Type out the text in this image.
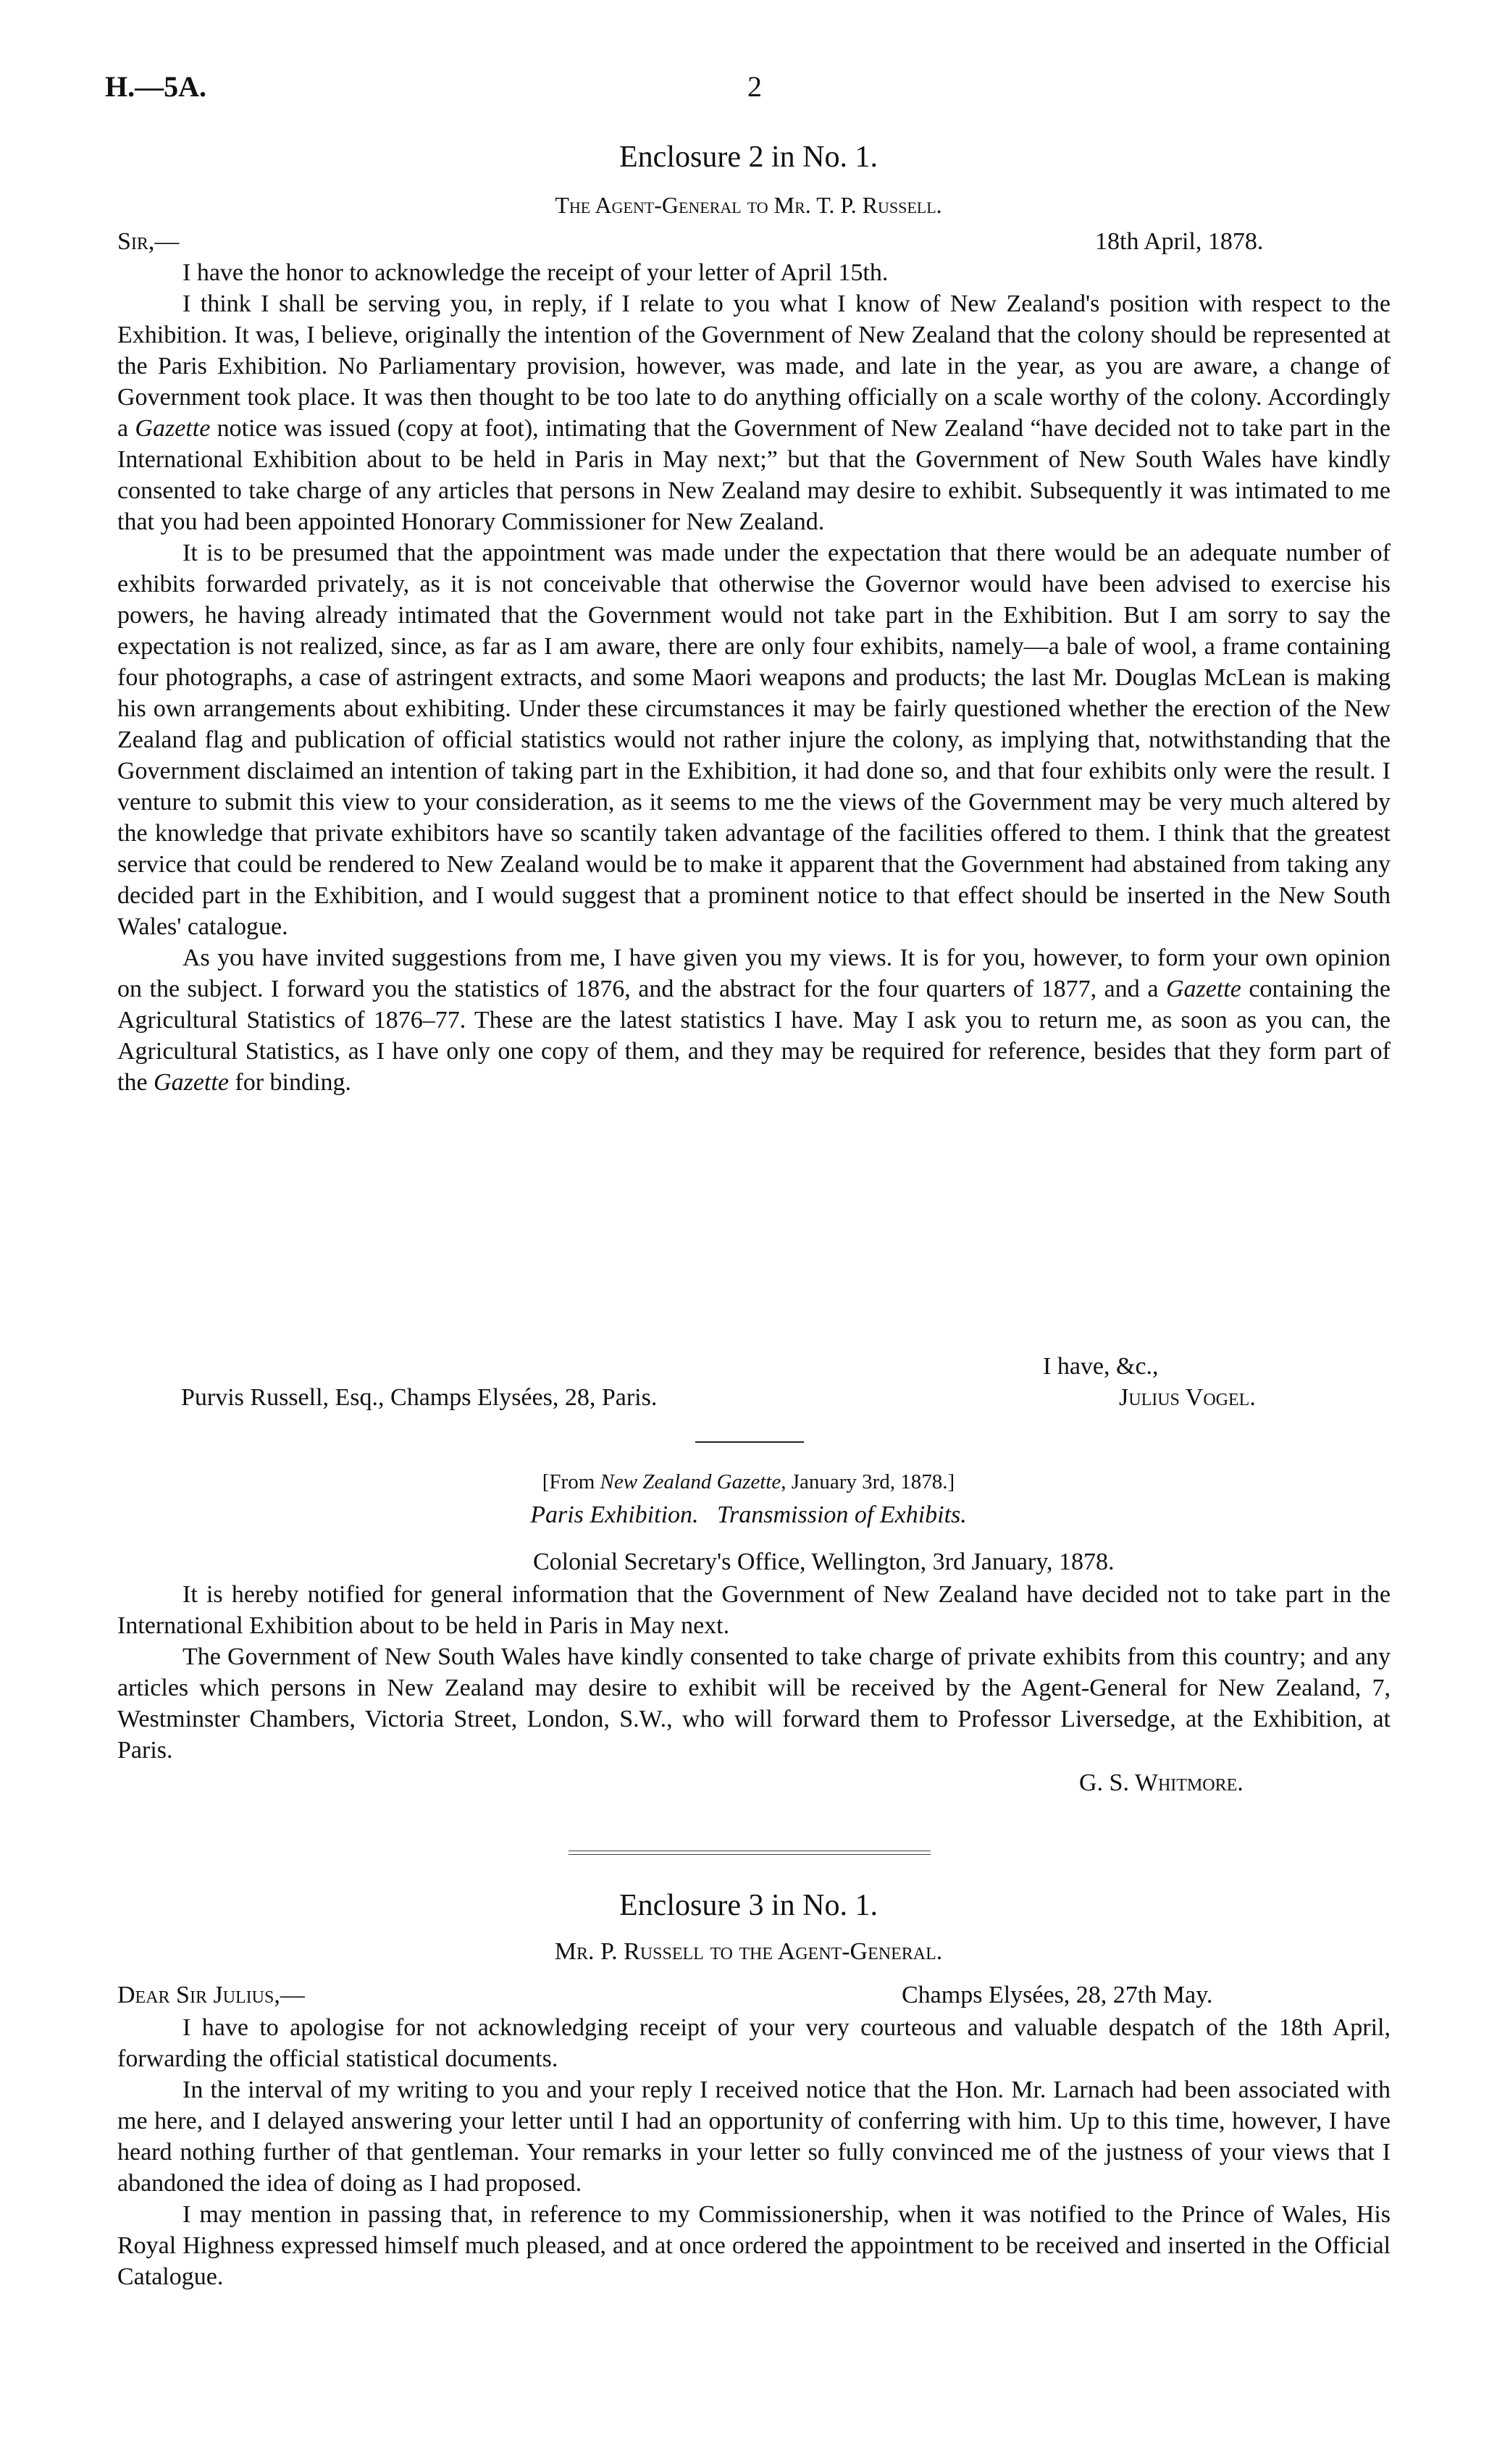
H.—5A.	2
Enclosure 2 in No. 1.
The Agent-General to Mr. T. P. Russell.
Sir,—	18th April, 1878.

I have the honor to acknowledge the receipt of your letter of April 15th.

I think I shall be serving you, in reply, if I relate to you what I know of New Zealand's position with respect to the Exhibition. It was, I believe, originally the intention of the Government of New Zealand that the colony should be represented at the Paris Exhibition. No Parliamentary provision, however, was made, and late in the year, as you are aware, a change of Government took place. It was then thought to be too late to do anything officially on a scale worthy of the colony. Accordingly a Gazette notice was issued (copy at foot), intimating that the Government of New Zealand “have decided not to take part in the International Exhibition about to be held in Paris in May next;” but that the Government of New South Wales have kindly consented to take charge of any articles that persons in New Zealand may desire to exhibit. Subsequently it was intimated to me that you had been appointed Honorary Commissioner for New Zealand.

It is to be presumed that the appointment was made under the expectation that there would be an adequate number of exhibits forwarded privately, as it is not conceivable that otherwise the Governor would have been advised to exercise his powers, he having already intimated that the Government would not take part in the Exhibition. But I am sorry to say the expectation is not realized, since, as far as I am aware, there are only four exhibits, namely—a bale of wool, a frame containing four photographs, a case of astringent extracts, and some Maori weapons and products; the last Mr. Douglas McLean is making his own arrangements about exhibiting. Under these circumstances it may be fairly questioned whether the erection of the New Zealand flag and publication of official statistics would not rather injure the colony, as implying that, notwithstanding that the Government disclaimed an intention of taking part in the Exhibition, it had done so, and that four exhibits only were the result. I venture to submit this view to your consideration, as it seems to me the views of the Government may be very much altered by the knowledge that private exhibitors have so scantily taken advantage of the facilities offered to them. I think that the greatest service that could be rendered to New Zealand would be to make it apparent that the Government had abstained from taking any decided part in the Exhibition, and I would suggest that a prominent notice to that effect should be inserted in the New South Wales' catalogue.

As you have invited suggestions from me, I have given you my views. It is for you, however, to form your own opinion on the subject. I forward you the statistics of 1876, and the abstract for the four quarters of 1877, and a Gazette containing the Agricultural Statistics of 1876–77. These are the latest statistics I have. May I ask you to return me, as soon as you can, the Agricultural Statistics, as I have only one copy of them, and they may be required for reference, besides that they form part of the Gazette for binding.

I have, &c.,
Purvis Russell, Esq., Champs Elysées, 28, Paris.	Julius Vogel.
[From New Zealand Gazette, January 3rd, 1878.]
Paris Exhibition.   Transmission of Exhibits.
Colonial Secretary's Office, Wellington, 3rd January, 1878.

It is hereby notified for general information that the Government of New Zealand have decided not to take part in the International Exhibition about to be held in Paris in May next.

The Government of New South Wales have kindly consented to take charge of private exhibits from this country; and any articles which persons in New Zealand may desire to exhibit will be received by the Agent-General for New Zealand, 7, Westminster Chambers, Victoria Street, London, S.W., who will forward them to Professor Liversedge, at the Exhibition, at Paris.

G. S. Whitmore.
Enclosure 3 in No. 1.
Mr. P. Russell to the Agent-General.
Dear Sir Julius,—	Champs Elysées, 28, 27th May.

I have to apologise for not acknowledging receipt of your very courteous and valuable despatch of the 18th April, forwarding the official statistical documents.

In the interval of my writing to you and your reply I received notice that the Hon. Mr. Larnach had been associated with me here, and I delayed answering your letter until I had an opportunity of conferring with him. Up to this time, however, I have heard nothing further of that gentleman. Your remarks in your letter so fully convinced me of the justness of your views that I abandoned the idea of doing as I had proposed.

I may mention in passing that, in reference to my Commissionership, when it was notified to the Prince of Wales, His Royal Highness expressed himself much pleased, and at once ordered the appointment to be received and inserted in the Official Catalogue.
